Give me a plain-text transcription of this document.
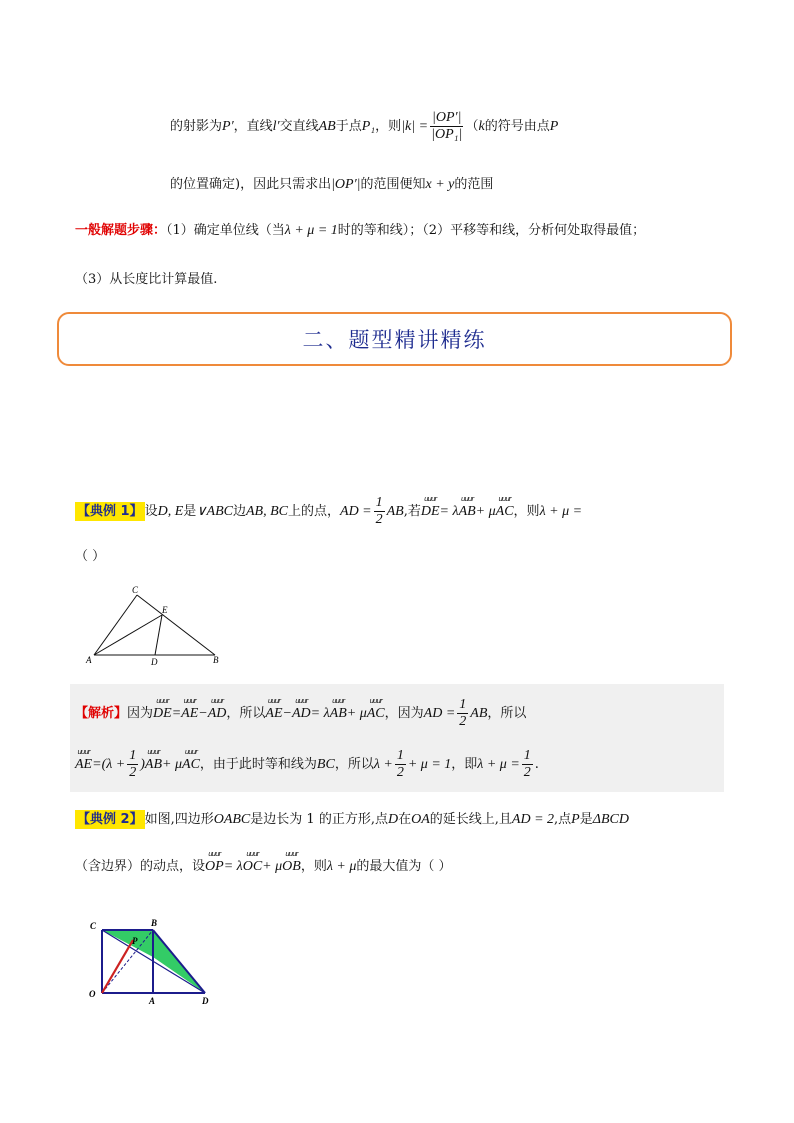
的射影为P′，直线l′交直线AB于点P₁，则$|k| = \frac{|OP'|}{\text{|OP₁|}} (k$的符号由点P
的位置确定)，因此只需求出|OP′|的范围便知x + y的范围
一般解题步骤：（1）确定单位线（当λ + μ = 1时的等和线）；（2）平移等和线，分析何处取得最值；
（3）从长度比计算最值.
二、题型精讲精练
【典例 1】 设D, E是∨ABC边AB, BC上的点，AD = $\frac{1}{2}$ AB,若uuur DE= λuuur AB+ μuuur AC，则λ + μ =
（ ）
A	B
C
D
E
【解析】因为uuur DE=uuur AE−uuur AD，所以uuur AE−uuur AD= λuuur AB+ μuuur AC，因为AD = $\frac{1}{2}$ AB，所以
uuur $AE=(\lambda + \frac{1}{2}$ )uuur AB+ μuuur AC，由于此时等和线为BC，所以$\lambda + \frac{1}{2} + \mu = 1$，即$\lambda + \mu = \frac{1}{2}$ .
【典例 2】 如图,四边形OABC是边长为 1 的正方形,点D在OA的延长线上,且AD = 2,点P是ΔBCD
（含边界）的动点，设uuur OP= λuuur OC+ μuuur OB，则λ + μ的最大值为（ ）
C	B
P
O
A	D
